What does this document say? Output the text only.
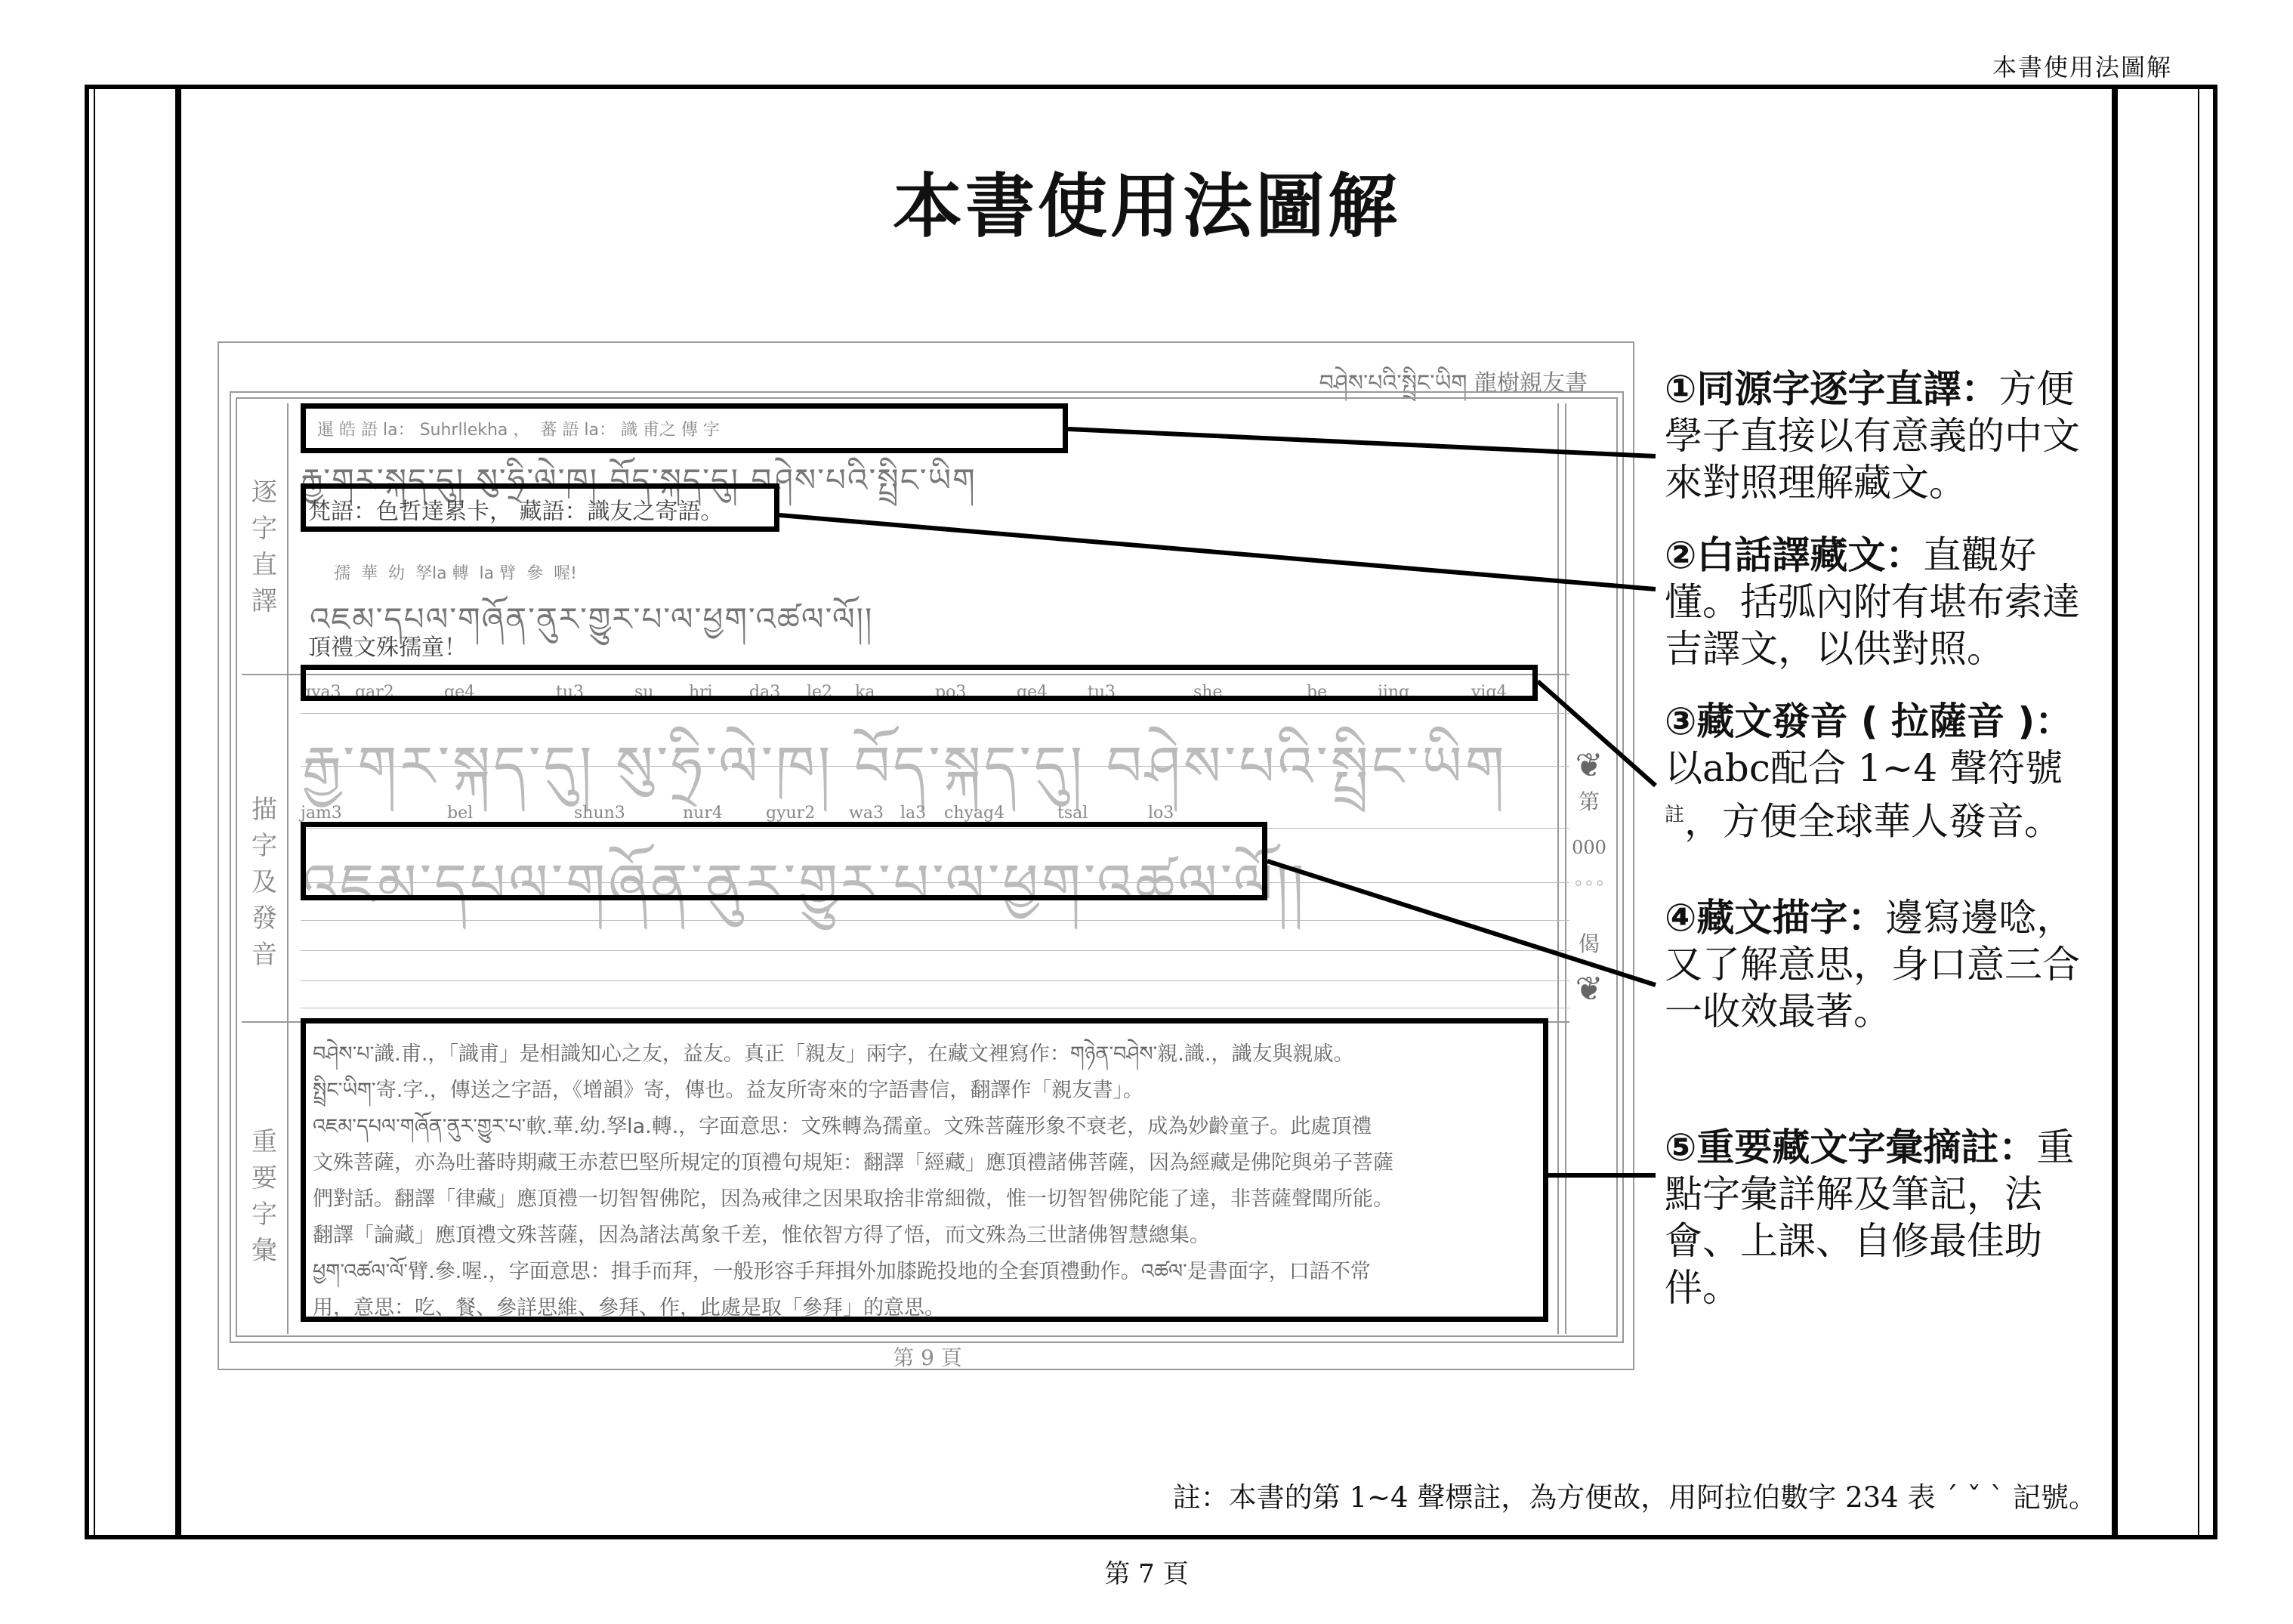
本書使用法圖解
本書使用法圖解
བཤེས་པའི་སྤྲིང་ཡིག 龍樹親友書
逐字直譯
描字及發音
重要字彙
❦
第
000
◦◦◦
偈
❦
暹 皓 語 la： Suhrllekha ，  蕃 語 la： 識 甫之 傳 字
རྒྱ་གར་སྐད་དུ། སུ་ཧྲི་ལེ་ཁ། བོད་སྐད་དུ། བཤེས་པའི་སྤྲིང་ཡིག
梵語：色哲達累卡， 藏語：識友之寄語。
孺  華  幼  孥la 轉  la 臂  參  喔!
འཇམ་དཔལ་གཞོན་ནུར་གྱུར་པ་ལ་ཕྱག་འཚལ་ལོ།།
頂禮文殊孺童！
gya3 gar2	ge4	tu3	su	hri	da3	le2	ka	po3	ge4	tu3	she	be	jing	yig4
རྒྱ་གར་སྐད་དུ། སུ་ཧྲི་ལེ་ཁ། བོད་སྐད་དུ། བཤེས་པའི་སྤྲིང་ཡིག
jam3	bel	shun3	nur4	gyur2	wa3	la3	chyag4	tsal	lo3
འཇམ་དཔལ་གཞོན་ནུར་གྱུར་པ་ལ་ཕྱག་འཚལ་ལོ།།
བཤེས་པ་識.甫.，「識甫」是相識知心之友，益友。真正「親友」兩字，在藏文裡寫作：གཉེན་བཤེས་親.識.，識友與親戚。
སྤྲིང་ཡིག་寄.字.，傳送之字語，《增韻》寄，傳也。益友所寄來的字語書信，翻譯作「親友書」。
འཇམ་དཔལ་གཞོན་ནུར་གྱུར་པ་軟.華.幼.孥la.轉.，字面意思：文殊轉為孺童。文殊菩薩形象不衰老，成為妙齡童子。此處頂禮
文殊菩薩，亦為吐蕃時期藏王赤惹巴堅所規定的頂禮句規矩：翻譯「經藏」應頂禮諸佛菩薩，因為經藏是佛陀與弟子菩薩
們對話。翻譯「律藏」應頂禮一切智智佛陀，因為戒律之因果取捨非常細微，惟一切智智佛陀能了達，非菩薩聲聞所能。
翻譯「論藏」應頂禮文殊菩薩，因為諸法萬象千差，惟依智方得了悟，而文殊為三世諸佛智慧總集。
ཕྱག་འཚལ་ལོ་臂.參.喔.，字面意思：揖手而拜，一般形容手拜揖外加膝跪投地的全套頂禮動作。འཚལ་是書面字，口語不常
用，意思：吃、餐、參詳思維、參拜、作，此處是取「參拜」的意思。
第 9 頁
①同源字逐字直譯：方便學子直接以有意義的中文來對照理解藏文。
②白話譯藏文：直觀好懂。括弧內附有堪布索達吉譯文，以供對照。
③藏文發音 ( 拉薩音 )：以abc配合 1~4 聲符號$^註$，方便全球華人發音。
④藏文描字：邊寫邊唸，又了解意思，身口意三合一收效最著。
⑤重要藏文字彙摘註：重點字彙詳解及筆記，法會、上課、自修最佳助伴。
註：本書的第 1~4 聲標註，為方便故，用阿拉伯數字 234 表 ˊ ˇ ˋ 記號。
第 7 頁
